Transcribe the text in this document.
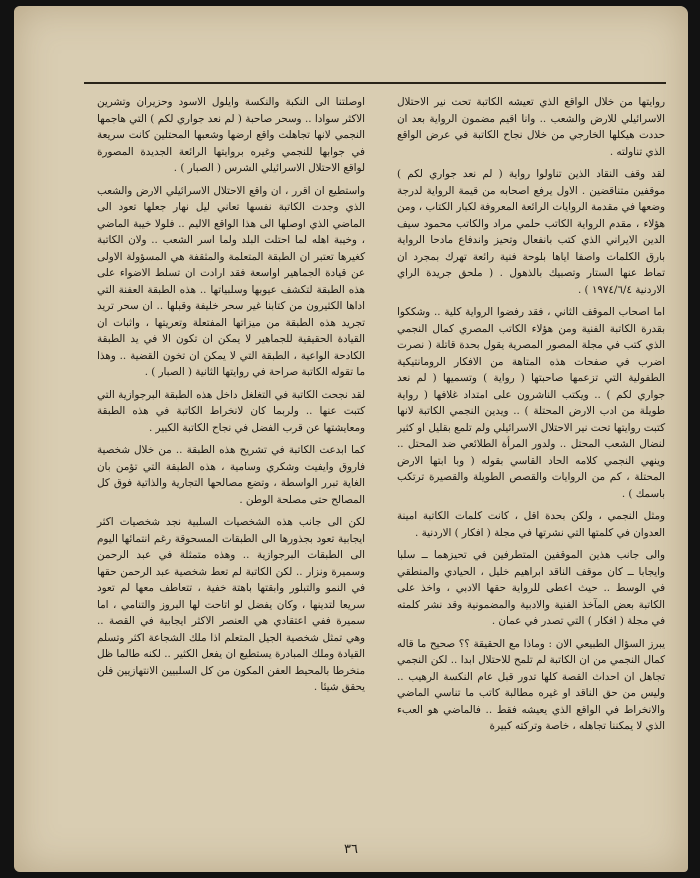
روايتها من خلال الواقع الذي تعيشه الكاتبة تحت نير الاحتلال الاسرائيلي للارض والشعب .. وانا اقيم مضمون الرواية بعد ان حددت هيكلها الخارجي من خلال نجاح الكاتبة في عرض الواقع الذي تناولته .

لقد وقف النقاد الذين تناولوا رواية ( لم نعد جواري لكم ) موقفين متناقضين . الاول يرفع اصحابه من قيمة الرواية لدرجة وضعها في مقدمة الروايات الرائعة المعروفة لكبار الكتاب ، ومن هؤلاء ، مقدم الرواية الكاتب حلمي مراد والكاتب محمود سيف الدين الايراني الذي كتب بانفعال وتحيز واندفاع مادحا الرواية بارق الكلمات واصفا اياها بلوحة فنية رائعة تهرك بمجرد ان تماط عنها الستار وتصبيك بالذهول . ( ملحق جريدة الراي الاردنية ١٩٧٤/٦/٤ ) .

اما اصحاب الموقف الثاني ، فقد رفضوا الرواية كلية .. وشككوا بقدرة الكاتبة الفنية ومن هؤلاء الكاتب المصري كمال النجمي الذي كتب في مجلة المصور المصرية يقول بحدة قاتلة ( نصرت اضرب في صفحات هذه المتاهة من الافكار الرومانتيكية الطفولية التي تزعمها صاحبتها ( رواية ) وتسميها ( لم نعد جواري لكم ) .. ويكتب الناشرون على امتداد غلافها ( رواية طويلة من ادب الارض المحتلة ) .. ويدين النجمي الكاتبة لانها كتبت روايتها تحت نير الاحتلال الاسرائيلي ولم تلمع بقليل او كثير لنضال الشعب المحتل .. ولدور المرأة الطلائعي ضد المحتل .. وينهي النجمي كلامه الحاد القاسي بقوله ( وبا ابتها الارض المحتلة ، كم من الروايات والقصص الطويلة والقصيرة ترتكب باسمك ) .

ومثل النجمي ، ولكن بحدة اقل ، كانت كلمات الكاتبة امينة العدوان في كلمتها التي نشرتها في مجلة ( افكار ) الاردنية .

والى جانب هذين الموقفين المتطرفين في تحيزهما ــ سلبا وايجابا ــ كان موقف الناقد ابراهيم خليل ، الحيادي والمنطقي في الوسط .. حيث اعطى للرواية حقها الادبي ، واخذ على الكاتبة بعض المآخذ الفنية والادبية والمضمونية وقد نشر كلمته في مجلة ( افكار ) التي تصدر في عمان .

يبرز السؤال الطبيعي الان : وماذا مع الحقيقة ؟؟ صحيح ما قاله كمال النجمي من ان الكاتبة لم تلمح للاحتلال ابدا .. لكن النجمي تجاهل ان احداث القصة كلها تدور قبل عام النكسة الرهيب .. وليس من حق الناقد او غيره مطالبة كاتب ما تناسي الماضي والانخراط في الواقع الذي يعيشه فقط .. فالماضي هو العبء الذي لا يمكننا تجاهله ، خاصة وتركته كبيرة

اوصلتنا الى النكبة والنكسة وايلول الاسود وحزيران وتشرين الاكثر سوادا .. وسحر صاحبة ( لم نعد جواري لكم ) التي هاجمها النجمي لانها تجاهلت واقع ارضها وشعبها المحتلين كانت سريعة في جوابها للنجمي وغيره بروايتها الرائعة الجديدة المصورة لواقع الاحتلال الاسرائيلي الشرس ( الصبار ) .

واستطيع ان اقرر ، ان واقع الاحتلال الاسرائيلي الارض والشعب الذي وجدت الكاتبة نفسها تعاني ليل نهار جعلها تعود الى الماضي الذي اوصلها الى هذا الواقع الاليم .. فلولا خيبة الماضي ، وخيبة اهله لما احتلت البلد ولما اسر الشعب .. ولان الكاتبة كغيرها تعتبر ان الطبقة المتعلمة والمثقفة هي المسؤولة الاولى عن قيادة الجماهير اواسعة فقد ارادت ان تسلط الاضواء على هذه الطبقة لتكشف عيوبها وسلبياتها .. هذه الطبقة العفنة التي اداها الكثيرون من كتابنا غير سحر خليفة وقبلها .. ان سحر تريد تجريد هذه الطبقة من ميزاتها المفتعلة وتعريتها ، واثبات ان القيادة الحقيقية للجماهير لا يمكن ان تكون الا في يد الطبقة الكادحة الواعية ، الطبقة التي لا يمكن ان تخون القضية .. وهذا ما تقوله الكاتبة صراحة في روايتها الثانية ( الصبار ) .

لقد نجحت الكاتبة في التغلغل داخل هذه الطبقة البرجوازية التي كتبت عنها .. ولربما كان لانخراط الكاتبة في هذه الطبقة ومعايشتها عن قرب الفضل في نجاح الكاتبة الكبير .

كما ابدعت الكاتبة في تشريح هذه الطبقة .. من خلال شخصية فاروق وايفيت وشكري وسامية ، هذه الطبقة التي تؤمن بان الغاية تبرر الواسطة ، وتضع مصالحها التجارية والذاتية فوق كل المصالح حتى مصلحة الوطن .

لكن الى جانب هذه الشخصيات السلبية نجد شخصيات اكثر ايجابية تعود بجذورها الى الطبقات المسحوقة رغم انتمائها اليوم الى الطبقات البرجوازية .. وهذه متمثلة في عبد الرحمن وسميرة ونزار .. لكن الكاتبة لم تعط شخصية عبد الرحمن حقها في النمو والتبلور وابقتها باهتة خفية ، تتعاطف معها لم تعود سريعا لتدينها ، وكان يفضل لو اتاحت لها البروز والتنامي ، اما سميرة ففي اعتقادي هي العنصر الاكثر ايجابية في القصة .. وهي تمثل شخصية الجيل المتعلم اذا ملك الشجاعة اكثر وتسلم القيادة وملك المبادرة يستطيع ان يفعل الكثير .. لكنه طالما ظل منخرطا بالمحيط العفن المكون من كل السلبيين الانتهازيين فلن يحقق شيئا .

٣٦
